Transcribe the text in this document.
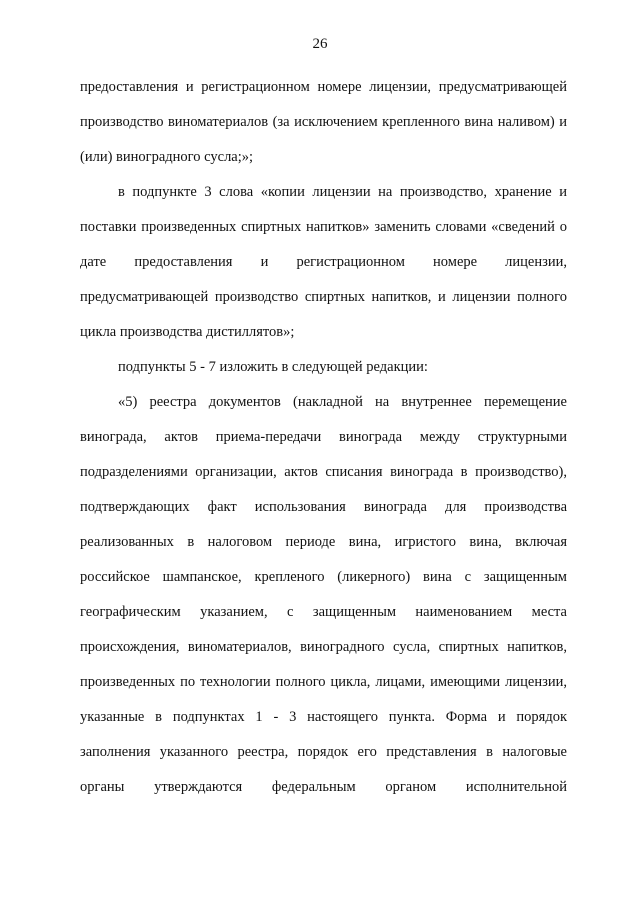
26

предоставления и регистрационном номере лицензии, предусматривающей производство виноматериалов (за исключением крепленного вина наливом) и (или) виноградного сусла;»;

в подпункте 3 слова «копии лицензии на производство, хранение и поставки произведенных спиртных напитков» заменить словами «сведений о дате предоставления и регистрационном номере лицензии, предусматривающей производство спиртных напитков, и лицензии полного цикла производства дистиллятов»;

подпункты 5 - 7 изложить в следующей редакции:

«5) реестра документов (накладной на внутреннее перемещение винограда, актов приема-передачи винограда между структурными подразделениями организации, актов списания винограда в производство), подтверждающих факт использования винограда для производства реализованных в налоговом периоде вина, игристого вина, включая российское шампанское, крепленого (ликерного) вина с защищенным географическим указанием, с защищенным наименованием места происхождения, виноматериалов, виноградного сусла, спиртных напитков, произведенных по технологии полного цикла, лицами, имеющими лицензии, указанные в подпунктах 1 - 3 настоящего пункта. Форма и порядок заполнения указанного реестра, порядок его представления в налоговые органы утверждаются федеральным органом исполнительной
